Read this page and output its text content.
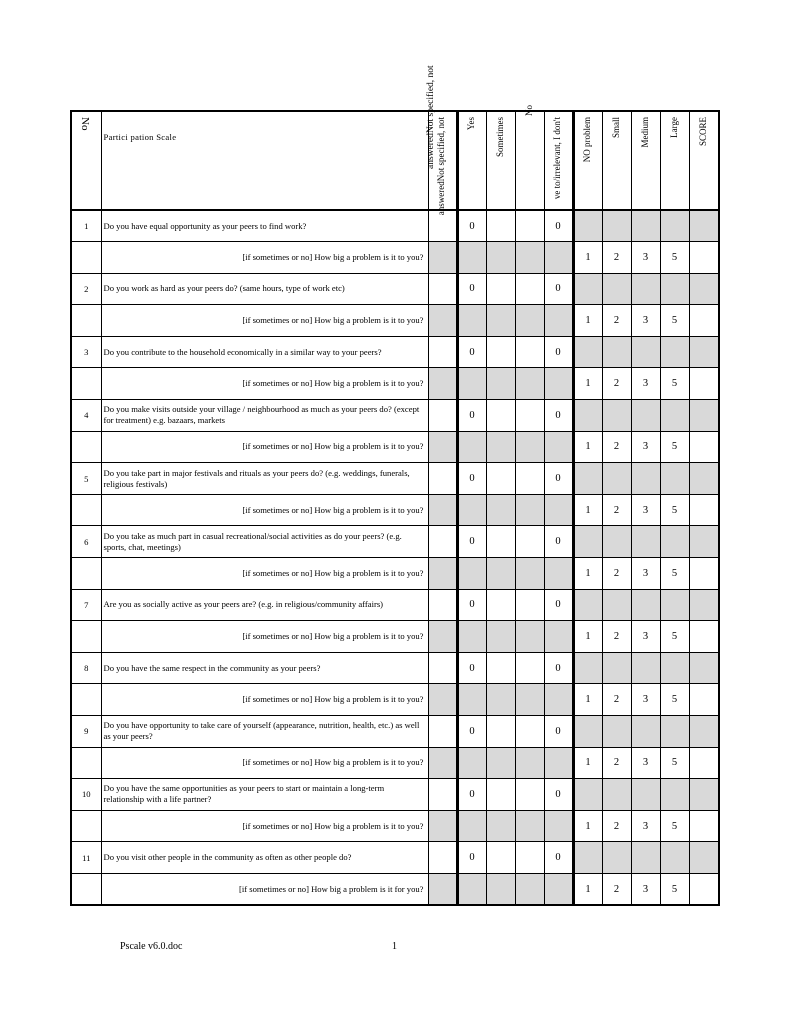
answeredNot specified, not
No	Partici pation Scale	answeredNot specified, not	Yes	Sometimes	No	ve to/irrelevant, I don't	NO problem	Small	Medium	Large	SCORE

1	Do you have equal opportunity as your peers to find work?		0			0					
	[if sometimes or no] How big a problem is it to you?						1	2	3	5	
2	Do you work as hard as your peers do? (same hours, type of work etc)		0			0					
	[if sometimes or no] How big a problem is it to you?						1	2	3	5	
3	Do you contribute to the household economically in a similar way to your peers?		0			0					
	[if sometimes or no] How big a problem is it to you?						1	2	3	5	
4	Do you make visits outside your village / neighbourhood as much as your peers do? (except for treatment) e.g. bazaars, markets		0			0					
	[if sometimes or no] How big a problem is it to you?						1	2	3	5	
5	Do you take part in major festivals and rituals as your peers do? (e.g. weddings, funerals, religious festivals)		0			0					
	[if sometimes or no] How big a problem is it to you?						1	2	3	5	
6	Do you take as much part in casual recreational/social activities as do your peers? (e.g. sports, chat, meetings)		0			0					
	[if sometimes or no] How big a problem is it to you?						1	2	3	5	
7	Are you as socially active as your peers are? (e.g. in religious/community affairs)		0			0					
	[if sometimes or no] How big a problem is it to you?						1	2	3	5	
8	Do you have the same respect in the community as your peers?		0			0					
	[if sometimes or no] How big a problem is it to you?						1	2	3	5	
9	Do you have opportunity to take care of yourself (appearance, nutrition, health, etc.) as well as your peers?		0			0					
	[if sometimes or no] How big a problem is it to you?						1	2	3	5	
10	Do you have the same opportunities as your peers to start or maintain a long-term relationship with a life partner?		0			0					
	[if sometimes or no] How big a problem is it to you?						1	2	3	5	
11	Do you visit other people in the community as often as other people do?		0			0					
	[if sometimes or no] How big a problem is it for you?						1	2	3	5	
Pscale v6.0.doc	1
